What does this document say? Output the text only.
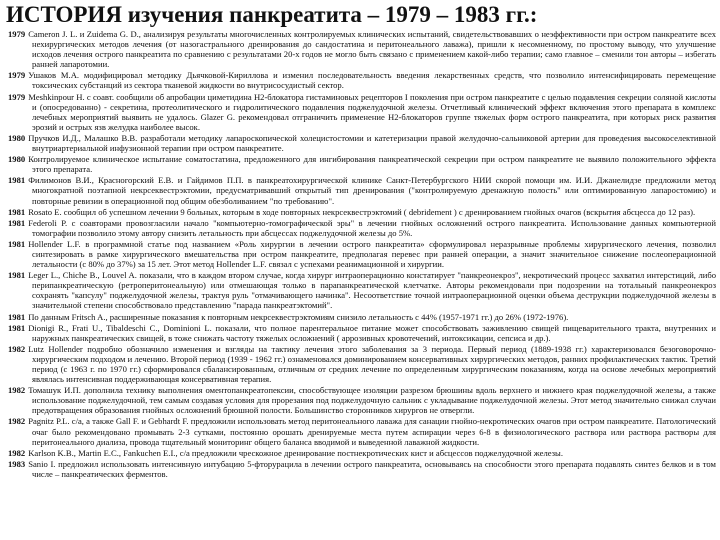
ИСТОРИЯ изучения панкреатита – 1979 – 1983 гг.:
1979 Cameron J. L. и Zuidema G. D., анализируя результаты многочисленных контролируемых клинических испытаний, свидетельствовавших о неэффективности при остром панкреатите всех нехирургических методов лечения (от назогастрального дренирования до сандостатина и перитонеального лаважа), пришли к несомненному, по простому выводу, что улучшение исходов лечения острого панкреатита по сравнению с результатами 20-х годов не могло быть связано с применением какой-либо терапии; само главное – сменили тон авторы – избегать ранней лапаротомии.
1979 Ушаков М.А. модифицировал методику Дьячковой-Кириллова и изменил последовательность введения лекарственных средств, что позволило интенсифицировать перемещение токсических субстанций из сектора тканевой жидкости во внутрисосудистый сектор.
1979 Meshkinpour H. с соавт. сообщили об апробации циметидина Н2-блокатора гистаминовых рецепторов I поколения при остром панкреатите с целью подавления секреции соляной кислоты и (опосредованно) - секретина, протеолитического и гидролитического подавления поджелудочной железы. Отчетливый клинический эффект включения этого препарата в комплекс лечебных мероприятий выявить не удалось. Glazer G. рекомендовал отграничить применение Н2-блокаторов группе тяжелых форм острого панкреатита, при которых риск развития эрозий и острых язв желудка наиболее высок.
1980 Пручков И.Д., Малашко В.В. разработали методику лапароскопической холецистостомии и катетеризации правой желудочно-сальниковой артерии для проведения высокоселективной внутриартериальной инфузионной терапии при остром панкреатите.
1980 Контролируемое клиническое испытание соматостатина, предложенного для ингибирования панкреатической секреции при остром панкреатите не выявило положительного эффекта этого препарата.
1981 Филимонов В.И., Красногорский Е.В. и Гайдимов П.П. в панкреатохирургической клинике Санкт-Петербургского НИИ скорой помощи им. И.И. Джанелидзе предложили метод многократной поэтапной некрсеквестрэктомии, предусматривавший открытый тип дренирования ("контролируемую дренажную полость" или оптимированную лапаростомию) и повторные ревизии в операционной под общим обезболиванием "по требованию".
1981 Rosato E. сообщил об успешном лечении 9 больных, которым в ходе повторных некрсеквестрэктомий ( debridement ) с дренированием гнойных очагов (вскрытия абсцесса до 12 раз).
1981 Federoli P. с соавторами провозгласили начало "компьютерно-томографической эры" в лечении гнойных осложнений острого панкреатита. Использование данных компьютерной томографии позволило этому автору снизить летальность при абсцессах поджелудочной железы до 5%.
1981 Hollender L.F. в программной статье под названием «Роль хирургии в лечении острого панкреатита» сформулировал неразрывные проблемы хирургического лечения, позволил синтезировать в рамке хирургического вмешательства при остром панкреатите, предполагая перевес при ранней операции, а значит значительное снижение послеоперационной летальности (с 80% до 37%) за 15 лет. Этот метод Hollender L.F. связал с успехами реанимационной и хирургии.
1981 Leger L., Chiche B., Louvel A. показали, что в каждом втором случае, когда хирург интраоперационно констатирует "панкреонекроз", некротический процесс захватил интерстиций, либо перипанкреатическую (ретроперитонеальную) или отмешающая только в парапанкреатической клетчатке. Авторы рекомендовали при подозрении на тотальный панкреонекроз сохранять "капсулу" поджелудочной железы, трактуя руль "отмачивающего начинка". Несоответствие точной интраоперационной оценки объема деструкции поджелудочной железы в значительной степени способствовало представлению "парада панкреатэктомий".
1981 По данным Fritsch A., расширенные показания к повторным некрсеквестрэктомиям снизило летальность с 44% (1957-1971 гг.) до 26% (1972-1976).
1981 Dionigi R., Frati U., Tibaldeschi C., Dominioni L. показали, что полное парентеральное питание может способствовать заживлению свищей пищеварительного тракта, внутренних и наружных панкреатических свищей, в тоже снижать частоту тяжелых осложнений ( аррозивных кровотечений, интоксикации, сепсиса и др.).
1982 Lutz Hollender подробно обозначило изменения и взгляды на тактику лечения этого заболевания за 3 периода. Первый период (1889-1938 гг.) характеризовался безоговорочно-хирургическим подходом и лечению. Второй период (1939 - 1962 гг.) ознаменовался доминированием консервативных хирургических методов, ранних профилактических тактик. Третий период (с 1963 г. по 1970 гг.) сформировался сбалансированным, отличным от средних лечение по определенным хирургическим показаниям, когда на основе лечебных мероприятий являлась интенсивная поддерживающая консервативная терапия.
1982 Томашук И.П. дополнила технику выполнения оментопанкреатопексии, способствующее изоляции разрезом брюшины вдоль верхнего и нижнего края поджелудочной железы, а также использование поджелудочной, тем самым создавая условия для прорезания под поджелудочную сальник с укладывание поджелудочной железы. Этот метод значительно снижал случаи предотвращения образования гнойных осложнений брюшной полости. Большинство сторонников хирургов не отвергли.
1982 Pagnitz P.L. с/а, а также Gall F. и Gebhardt F. предложили использовать метод перитонеального лаважа для санации гнойно-некротических очагов при остром панкреатите. Патологический очаг было рекомендовано промывать 2-3 сутками, постоянно орошать дренируемые места путем аспирации через 6-8 в физиологического раствора или раствора растворы для перитонеального диализа, провода тщательный мониторинг общего баланса вводимой и выведенной лаважной жидкости.
1982 Karlson K.B., Martin E.C., Fankuchen E.I., с/а предложили чрескожное дренирование постнекротических кист и абсцессов поджелудочной железы.
1983 Sanio I. предложил использовать интенсивную интубацию 5-фторурацила в лечении острого панкреатита, основываясь на способности этого препарата подавлять синтез белков и в том числе – панкреатических ферментов.
